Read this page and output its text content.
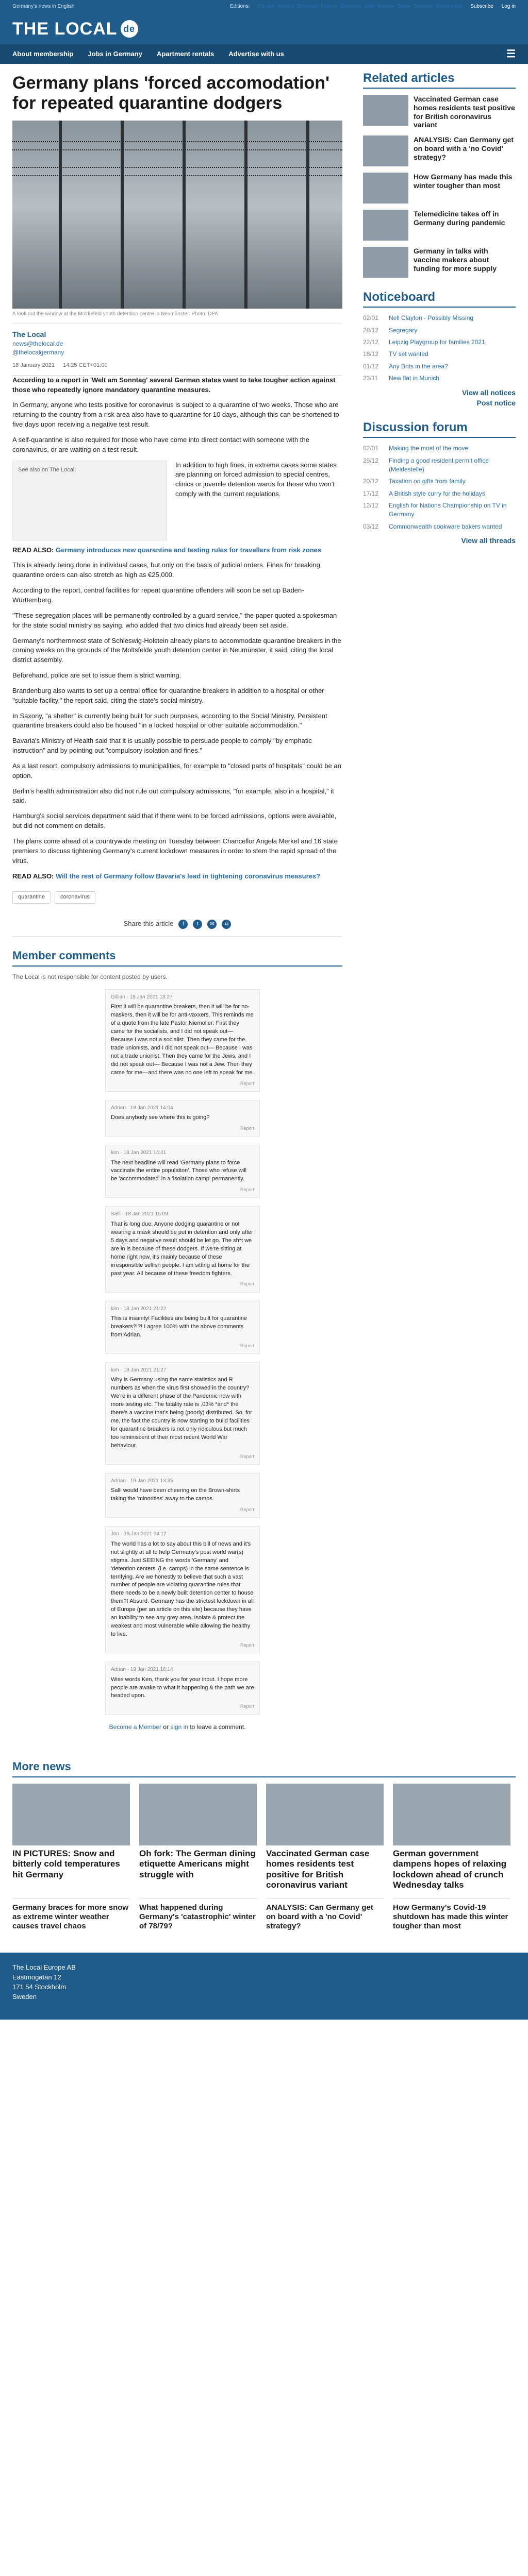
Germany's news in English	Editions: Europe Austria Denmark France Germany Italy Norway Spain Sweden Switzerland Subscribe Log in
THE LOCAL de
About membership Jobs in Germany Apartment rentals Advertise with us	☰
Germany plans 'forced accomodation' for repeated quarantine dodgers
A look out the window at the Moltkefeld youth detention centre in Neumünster. Photo: DPA
The Local
news@thelocal.de
@thelocalgermany
18 January 2021 14:25 CET+01:00

According to a report in 'Welt am Sonntag' several German states want to take tougher action against those who repeatedly ignore mandatory quarantine measures.

In Germany, anyone who tests positive for coronavirus is subject to a quarantine of two weeks. Those who are returning to the country from a risk area also have to quarantine for 10 days, although this can be shortened to five days upon receiving a negative test result.

A self-quarantine is also required for those who have come into direct contact with someone with the coronavirus, or are waiting on a test result.

See also on The Local:

In addition to high fines, in extreme cases some states are planning on forced admission to special centres, clinics or juvenile detention wards for those who won't comply with the current regulations.

READ ALSO: Germany introduces new quarantine and testing rules for travellers from risk zones

This is already being done in individual cases, but only on the basis of judicial orders. Fines for breaking quarantine orders can also stretch as high as €25,000.

According to the report, central facilities for repeat quarantine offenders will soon be set up Baden-Württemberg.

"These segregation places will be permanently controlled by a guard service," the paper quoted a spokesman for the state social ministry as saying, who added that two clinics had already been set aside.

Germany's northernmost state of Schleswig-Holstein already plans to accommodate quarantine breakers in the coming weeks on the grounds of the Moltsfelde youth detention center in Neumünster, it said, citing the local district assembly.

Beforehand, police are set to issue them a strict warning.

Brandenburg also wants to set up a central office for quarantine breakers in addition to a hospital or other "suitable facility," the report said, citing the state's social ministry.

In Saxony, "a shelter" is currently being built for such purposes, according to the Social Ministry. Persistent quarantine breakers could also be housed "in a locked hospital or other suitable accommodation."

Bavaria's Ministry of Health said that it is usually possible to persuade people to comply "by emphatic instruction" and by pointing out "compulsory isolation and fines."

As a last resort, compulsory admissions to municipalities, for example to "closed parts of hospitals" could be an option.

Berlin's health administration also did not rule out compulsory admissions, "for example, also in a hospital," it said.

Hamburg's social services department said that if there were to be forced admissions, options were available, but did not comment on details.

The plans come ahead of a countrywide meeting on Tuesday between Chancellor Angela Merkel and 16 state premiers to discuss tightening Germany's current lockdown measures in order to stem the rapid spread of the virus.

READ ALSO: Will the rest of Germany follow Bavaria's lead in tightening coronavirus measures?

quarantine	coronavirus
Share this article	f	t	✉	⧉
Member comments
The Local is not responsible for content posted by users.
Gillian · 18 Jan 2021 13:27

First it will be quarantine breakers, then it will be for no-maskers, then it will be for anti-vaxxers. This reminds me of a quote from the late Pastor Niemoller: First they came for the socialists, and I did not speak out— Because I was not a socialist. Then they came for the trade unionists, and I did not speak out— Because I was not a trade unionist. Then they came for the Jews, and I did not speak out— Because I was not a Jew. Then they came for me—and there was no one left to speak for me.

Report
Adrian · 18 Jan 2021 14:04

Does anybody see where this is going?

Report
kim · 18 Jan 2021 14:41

The next headline will read 'Germany plans to force vaccinate the entire population'. Those who refuse will be 'accommodated' in a 'isolation camp' permanently.

Report
Salli · 18 Jan 2021 15:09

That is long due. Anyone dodging quarantine or not wearing a mask should be put in detention and only after 5 days and negative result should be let go. The sh*t we are in is because of these dodgers. If we're sitting at home right now, it's mainly because of these irresponsible selfish people. I am sitting at home for the past year. All because of these freedom fighters.

Report
kim · 18 Jan 2021 21:22

This is insanity! Facilities are being built for quarantine breakers?!?! I agree 100% with the above comments from Adrian.

Report
kim · 18 Jan 2021 21:27

Why is Germany using the same statistics and R numbers as when the virus first showed in the country? We're in a different phase of the Pandemic now with more testing etc. The fatality rate is .03% *and* the there's a vaccine that's being (poorly) distributed. So, for me, the fact the country is now starting to build facilities for quarantine breakers is not only ridiculous but much too reminiscent of their most recent World War behaviour.

Report
Adrian · 19 Jan 2021 13:35

Salli would have been cheering on the Brown-shirts taking the 'minorities' away to the camps.

Report
Jon · 19 Jan 2021 14:12

The world has a lot to say about this bill of news and it's not slightly at all to help Germany's post world war(s) stigma. Just SEEING the words 'Germany' and 'detention centers' (i.e. camps) in the same sentence is terrifying. Are we honestly to believe that such a vast number of people are violating quarantine rules that there needs to be a newly built detention center to house them?! Absurd. Germany has the strictest lockdown in all of Europe (per an article on this site) because they have an inability to see any grey area. Isolate & protect the weakest and most vulnerable while allowing the healthy to live.

Report
Adrian · 19 Jan 2021 16:14

Wise words Ken, thank you for your input. I hope more people are awake to what it happening & the path we are headed upon.

Report
Become a Member or sign in to leave a comment.
Related articles
Vaccinated German case homes residents test positive for British coronavirus variant
ANALYSIS: Can Germany get on board with a 'no Covid' strategy?
How Germany has made this winter tougher than most
Telemedicine takes off in Germany during pandemic
Germany in talks with vaccine makers about funding for more supply
Noticeboard
02/01	Nell Clayton - Possibly Missing
28/12	Segregary
22/12	Leipzig Playgroup for families 2021
18/12	TV set wanted
01/12	Any Brits in the area?
23/11	New flat in Munich
View all notices
Post notice
Discussion forum
02/01	Making the most of the move
29/12	Finding a good resident permit office (Meldestelle)
20/12	Taxation on gifts from family
17/12	A British style curry for the holidays
12/12	English for Nations Championship on TV in Germany
03/12	Commonwealth cookware bakers wanted
View all threads
More news
IN PICTURES: Snow and bitterly cold temperatures hit Germany
Oh fork: The German dining etiquette Americans might struggle with
Vaccinated German case homes residents test positive for British coronavirus variant
German government dampens hopes of relaxing lockdown ahead of crunch Wednesday talks
Germany braces for more snow as extreme winter weather causes travel chaos
What happened during Germany's 'catastrophic' winter of 78/79?
ANALYSIS: Can Germany get on board with a 'no Covid' strategy?
How Germany's Covid-19 shutdown has made this winter tougher than most
The Local Europe AB
Eastmogatan 12
171 54 Stockholm
Sweden
